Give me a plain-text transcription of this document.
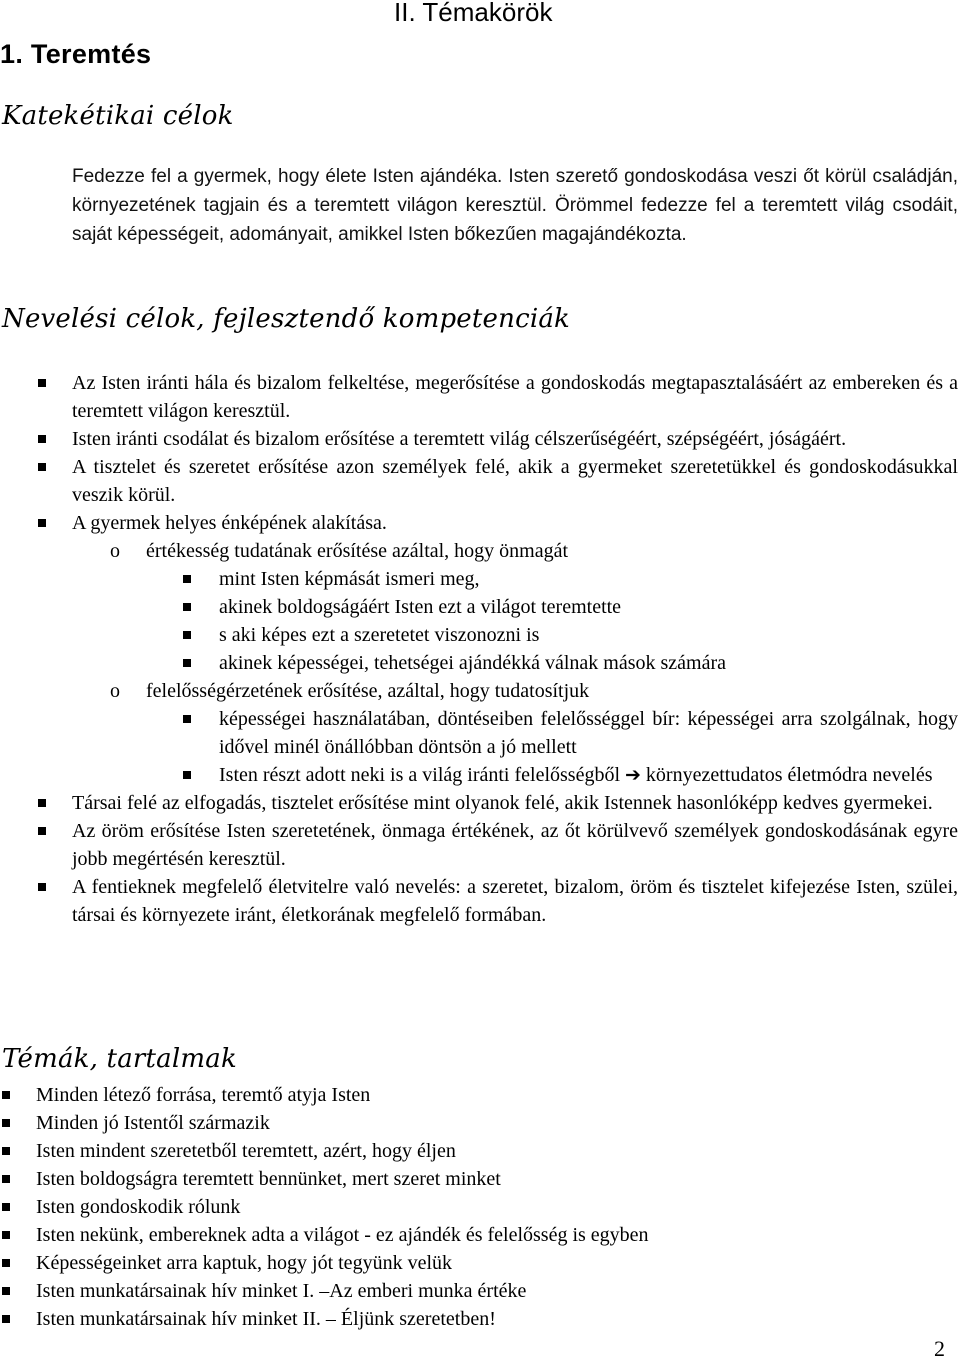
II. Témakörök
1. Teremtés
Katekétikai célok
Fedezze fel a gyermek, hogy élete Isten ajándéka. Isten szerető gondoskodása veszi őt körül családján, környezetének tagjain és a teremtett világon keresztül. Örömmel fedezze fel a teremtett világ csodáit, saját képességeit, adományait, amikkel Isten bőkezűen magajándékozta.
Nevelési célok, fejlesztendő kompetenciák
Az Isten iránti hála és bizalom felkeltése, megerősítése a gondoskodás megtapasztalásáért az embereken és a teremtett világon keresztül.
Isten iránti csodálat és bizalom erősítése a teremtett világ célszerűségéért, szépségéért, jóságáért.
A tisztelet és szeretet erősítése azon személyek felé, akik a gyermeket szeretetükkel és gondoskodásukkal veszik körül.
A gyermek helyes énképének alakítása.
o értékesség tudatának erősítése azáltal, hogy önmagát
mint Isten képmását ismeri meg,
akinek boldogságáért Isten ezt a világot teremtette
s aki képes ezt a szeretetet viszonozni is
akinek képességei, tehetségei ajándékká válnak mások számára
o felelősségérzetének erősítése, azáltal, hogy tudatosítjuk
képességei használatában, döntéseiben felelősséggel bír: képességei arra szolgálnak, hogy idővel minél önállóbban döntsön a jó mellett
Isten részt adott neki is a világ iránti felelősségből ➔ környezettudatos életmódra nevelés
Társai felé az elfogadás, tisztelet erősítése mint olyanok felé, akik Istennek hasonlóképp kedves gyermekei.
Az öröm erősítése Isten szeretetének, önmaga értékének, az őt körülvevő személyek gondoskodásának egyre jobb megértésén keresztül.
A fentieknek megfelelő életvitelre való nevelés: a szeretet, bizalom, öröm és tisztelet kifejezése Isten, szülei, társai és környezete iránt, életkorának megfelelő formában.
Témák, tartalmak
Minden létező forrása, teremtő atyja Isten
Minden jó Istentől származik
Isten mindent szeretetből teremtett, azért, hogy éljen
Isten boldogságra teremtett bennünket, mert szeret minket
Isten gondoskodik rólunk
Isten nekünk, embereknek adta a világot - ez ajándék és felelősség is egyben
Képességeinket arra kaptuk, hogy jót tegyünk velük
Isten munkatársainak hív minket I. –Az emberi munka értéke
Isten munkatársainak hív minket II. – Éljünk szeretetben!
2
